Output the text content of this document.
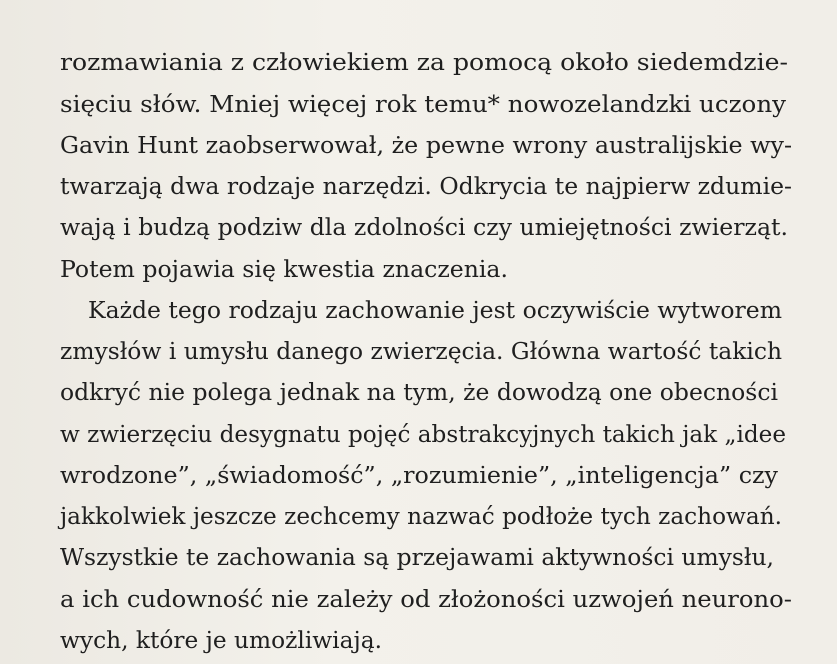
rozmawiania z człowiekiem za pomocą około siedemdzie-
sięciu słów. Mniej więcej rok temu* nowozelandzki uczony
Gavin Hunt zaobserwował, że pewne wrony australijskie wy-
twarzają dwa rodzaje narzędzi. Odkrycia te najpierw zdumie-
wają i budzą podziw dla zdolności czy umiejętności zwierząt.
Potem pojawia się kwestia znaczenia.
Każde tego rodzaju zachowanie jest oczywiście wytworem
zmysłów i umysłu danego zwierzęcia. Główna wartość takich
odkryć nie polega jednak na tym, że dowodzą one obecności
w zwierzęciu desygnatu pojęć abstrakcyjnych takich jak „idee
wrodzone”, „świadomość”, „rozumienie”, „inteligencja” czy
jakkolwiek jeszcze zechcemy nazwać podłoże tych zachowań.
Wszystkie te zachowania są przejawami aktywności umysłu,
a ich cudowność nie zależy od złożoności uzwojeń neurono-
wych, które je umożliwiają.
